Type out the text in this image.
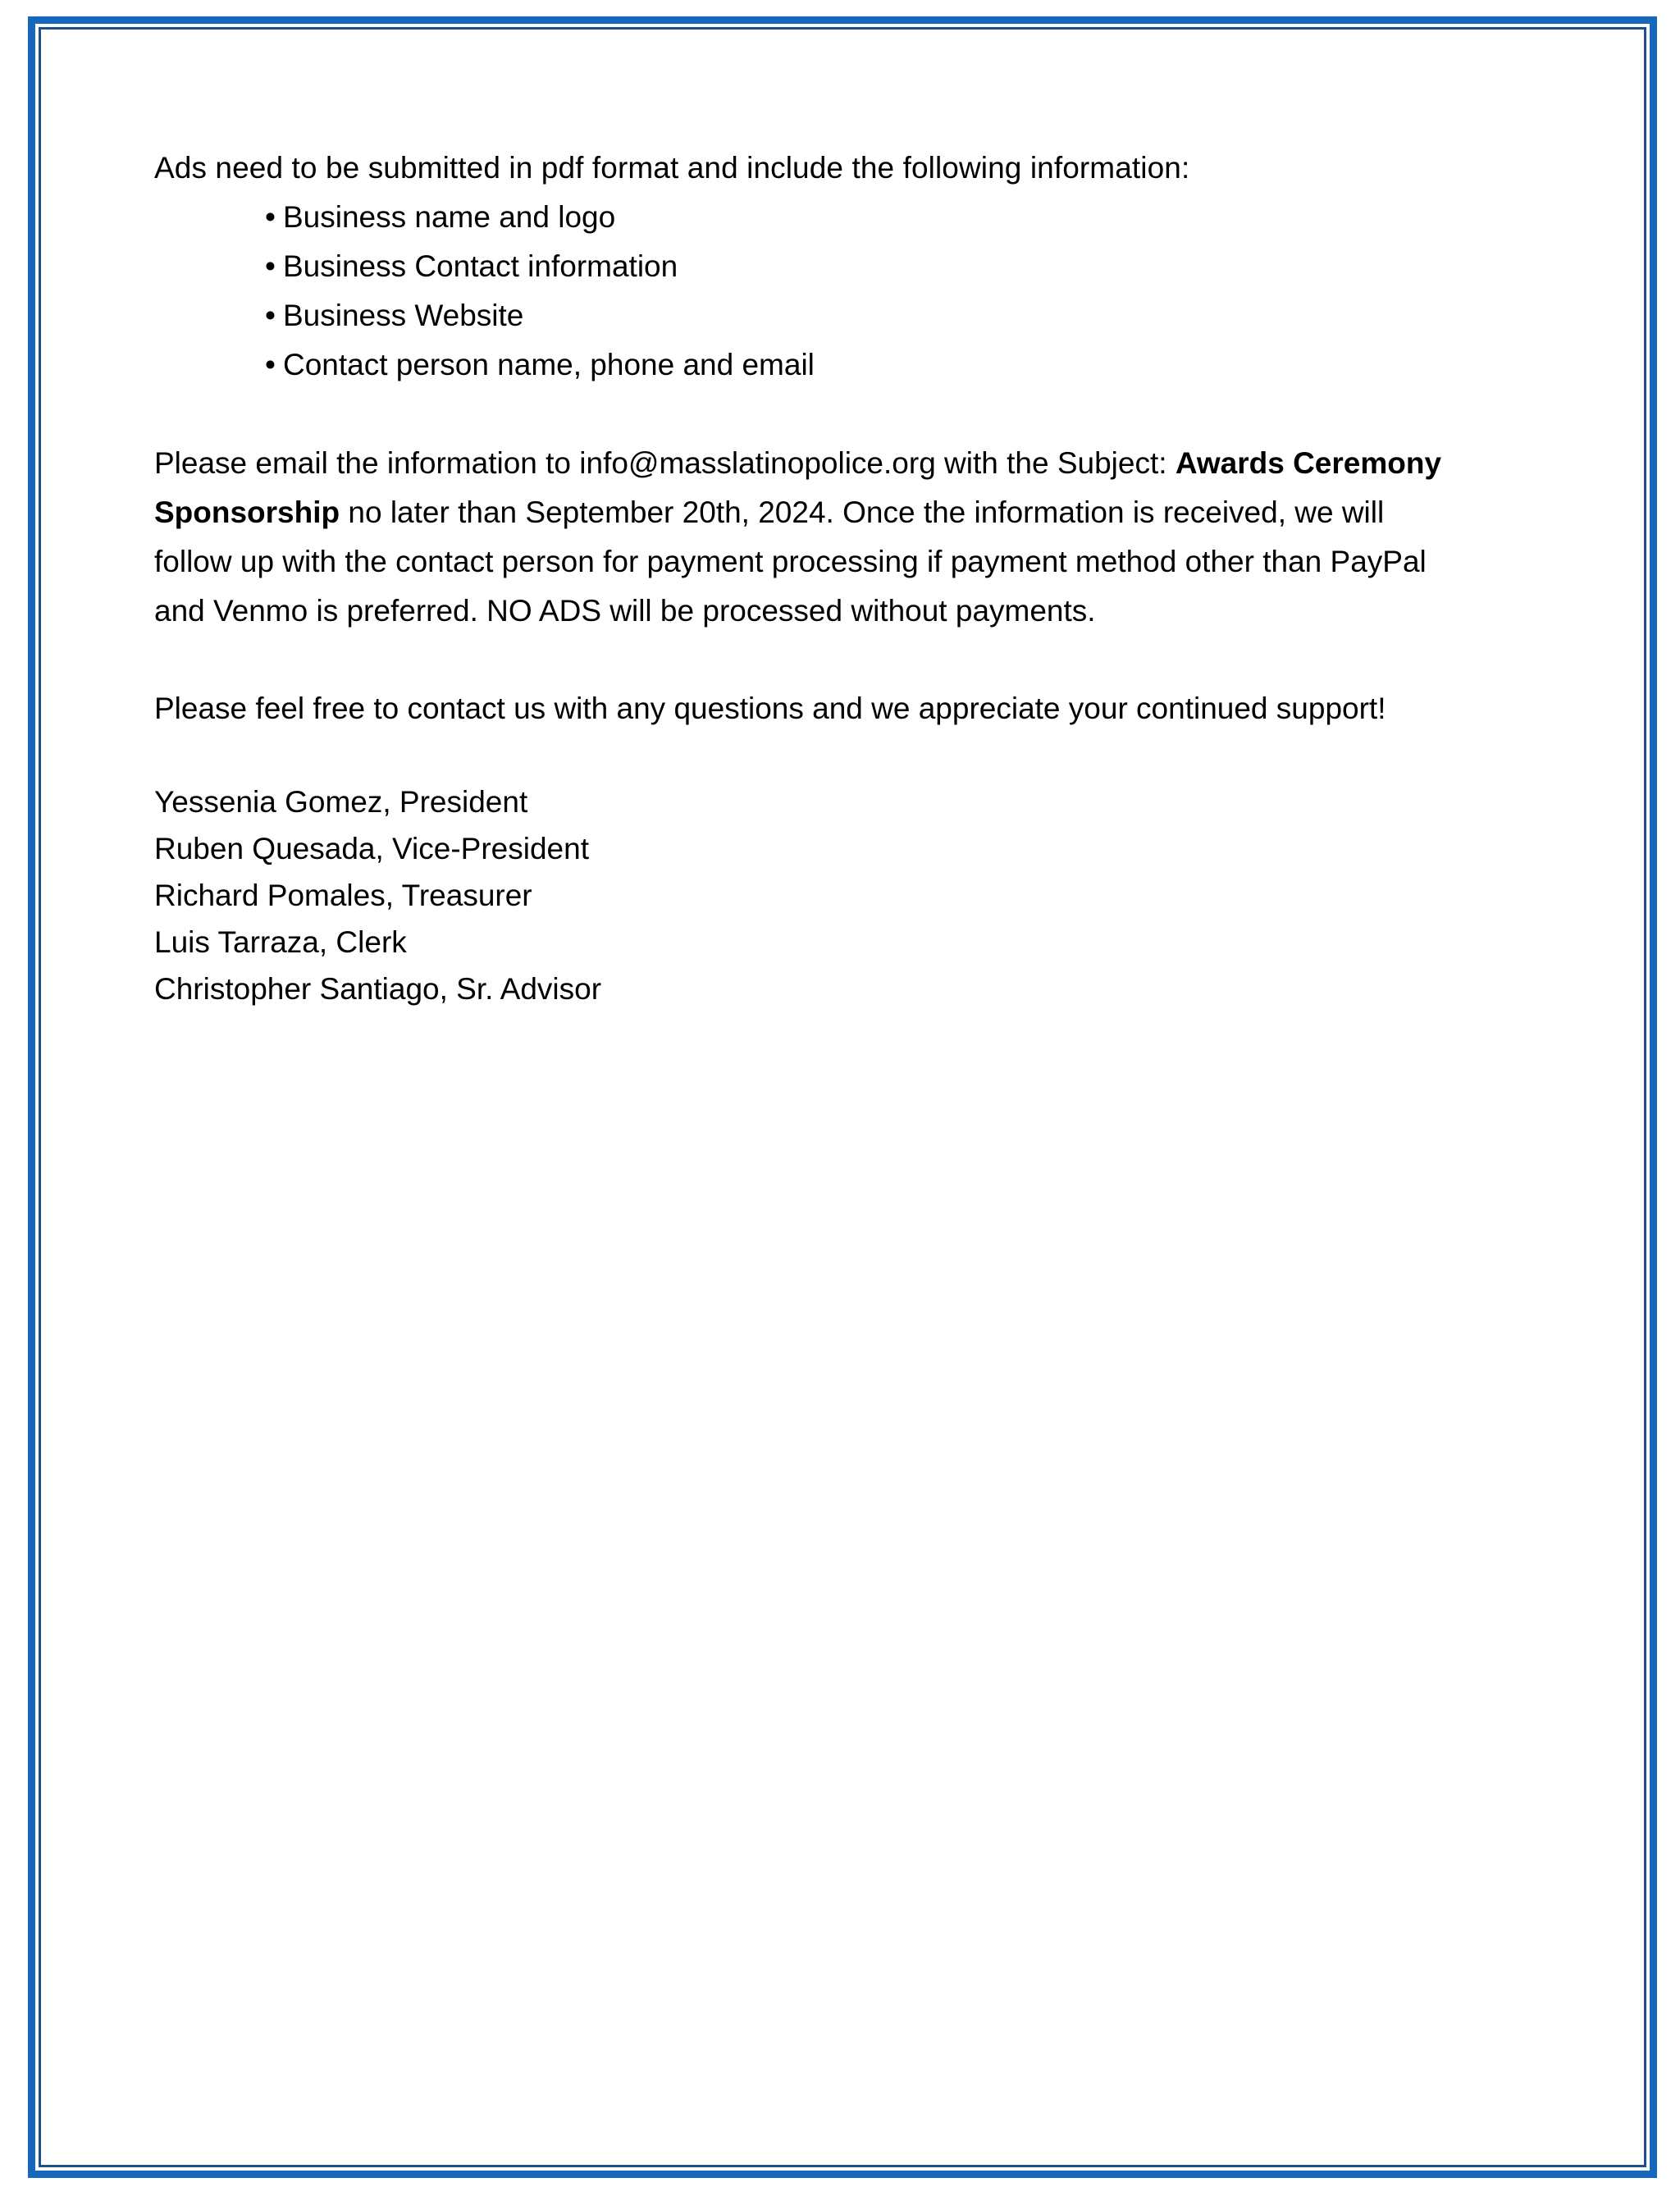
Ads need to be submitted in pdf format and include the following information:

• Business name and logo
• Business Contact information
• Business Website
• Contact person name, phone and email

Please email the information to info@masslatinopolice.org with the Subject: Awards Ceremony Sponsorship no later than September 20th, 2024. Once the information is received, we will follow up with the contact person for payment processing if payment method other than PayPal and Venmo is preferred. NO ADS will be processed without payments.

Please feel free to contact us with any questions and we appreciate your continued support!

Yessenia Gomez, President

Ruben Quesada, Vice-President

Richard Pomales, Treasurer

Luis Tarraza, Clerk

Christopher Santiago, Sr. Advisor
